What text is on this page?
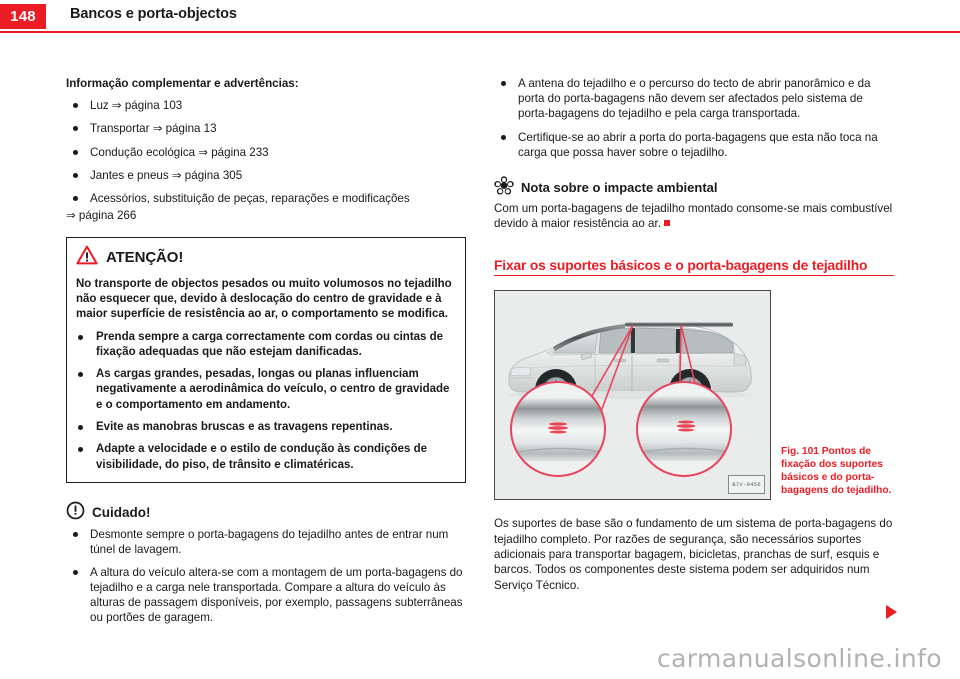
148	Bancos e porta-objectos
Informação complementar e advertências:
Luz ⇒ página 103
Transportar ⇒ página 13
Condução ecológica ⇒ página 233
Jantes e pneus ⇒ página 305
Acessórios, substituição de peças, reparações e modificações
⇒ página 266
ATENÇÃO!

No transporte de objectos pesados ou muito volumosos no tejadilho não esquecer que, devido à deslocação do centro de gravidade e à maior superfície de resistência ao ar, o comportamento se modifica.

Prenda sempre a carga correctamente com cordas ou cintas de fixação adequadas que não estejam danificadas.
As cargas grandes, pesadas, longas ou planas influenciam negativamente a aerodinâmica do veículo, o centro de gravidade e o comportamento em andamento.
Evite as manobras bruscas e as travagens repentinas.
Adapte a velocidade e o estilo de condução às condições de visibilidade, do piso, de trânsito e climatéricas.
Cuidado!
Desmonte sempre o porta-bagagens do tejadilho antes de entrar num túnel de lavagem.
A altura do veículo altera-se com a montagem de um porta-bagagens do tejadilho e a carga nele transportada. Compare a altura do veículo às alturas de passagem disponíveis, por exemplo, passagens subterrâneas ou portões de garagem.
A antena do tejadilho e o percurso do tecto de abrir panorâmico e da porta do porta-bagagens não devem ser afectados pelo sistema de porta-bagagens do tejadilho e pela carga transportada.
Certifique-se ao abrir a porta do porta-bagagens que esta não toca na carga que possa haver sobre o tejadilho.
Nota sobre o impacte ambiental

Com um porta-bagagens de tejadilho montado consome-se mais combustível devido à maior resistência ao ar.

Fixar os suportes básicos e o porta-bagagens de tejadilho
B7V-0456
Fig. 101 Pontos de fixação dos suportes básicos e do porta-bagagens do tejadilho.

Os suportes de base são o fundamento de um sistema de porta-bagagens do tejadilho completo. Por razões de segurança, são necessários suportes adicionais para transportar bagagem, bicicletas, pranchas de surf, esquis e barcos. Todos os componentes deste sistema podem ser adquiridos num Serviço Técnico.

carmanualsonline.info
